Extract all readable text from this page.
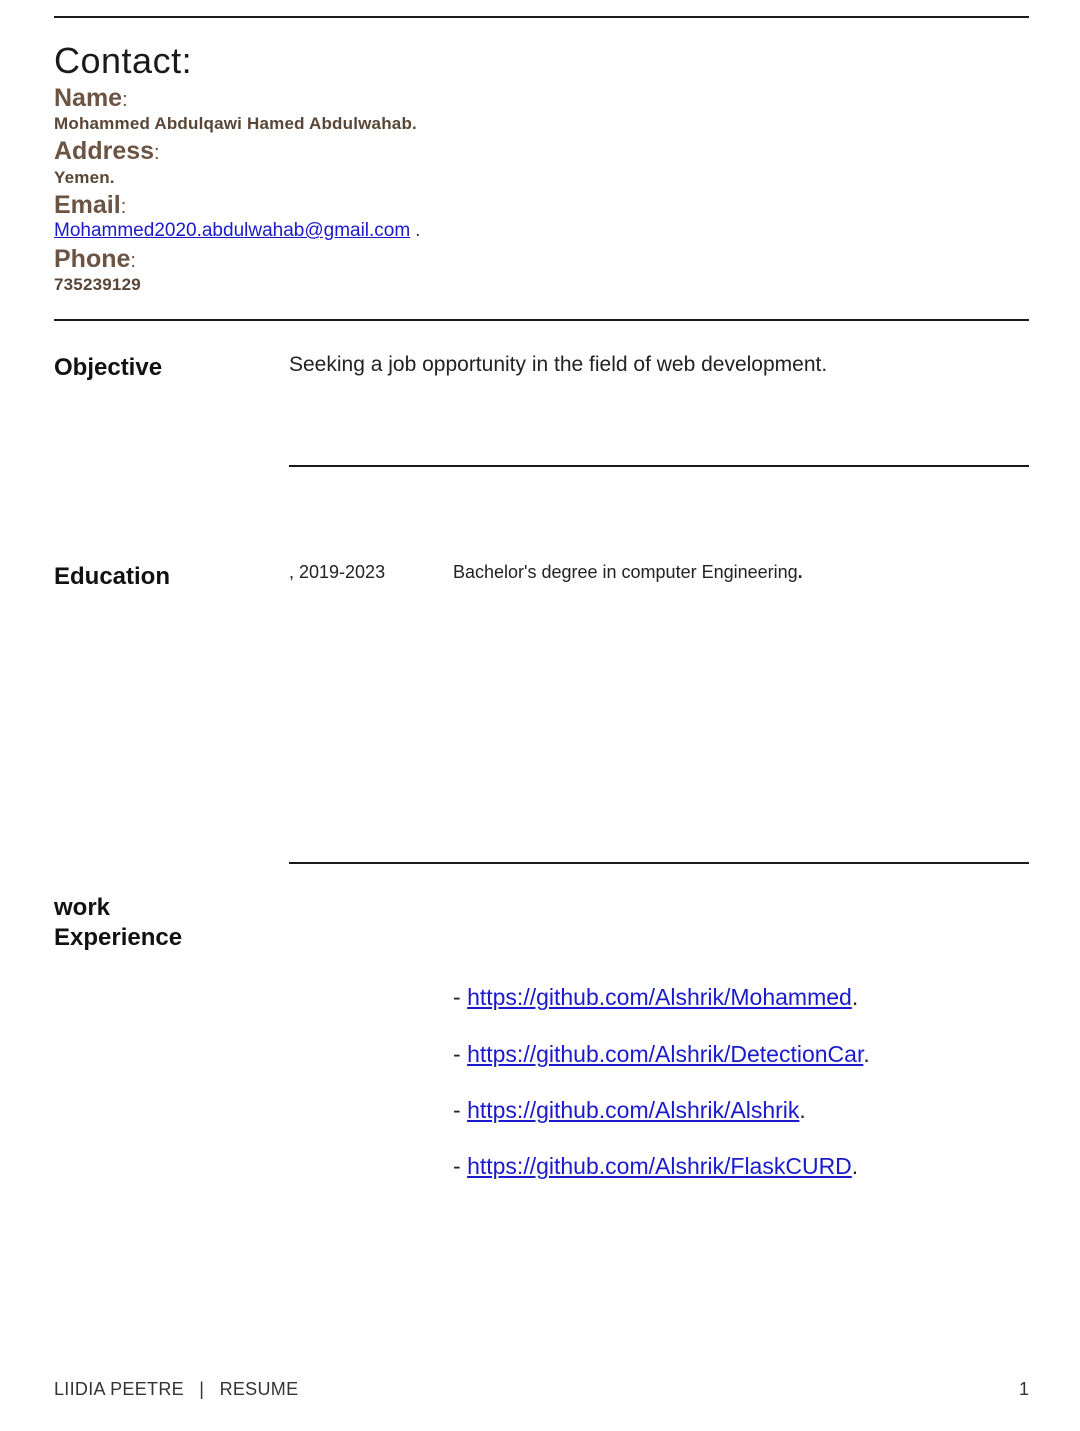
Contact:
Name:
Mohammed Abdulqawi Hamed Abdulwahab.
Address:
Yemen.
Email:
Mohammed2020.abdulwahab@gmail.com .
Phone:
735239129
Objective	Seeking a job opportunity in the field of web development.
Education	, 2019-2023	Bachelor's degree in computer Engineering.
work
Experience
- https://github.com/Alshrik/Mohammed.
- https://github.com/Alshrik/DetectionCar.
- https://github.com/Alshrik/Alshrik.
- https://github.com/Alshrik/FlaskCURD.
LIIDIA PEETRE | RESUME	1
